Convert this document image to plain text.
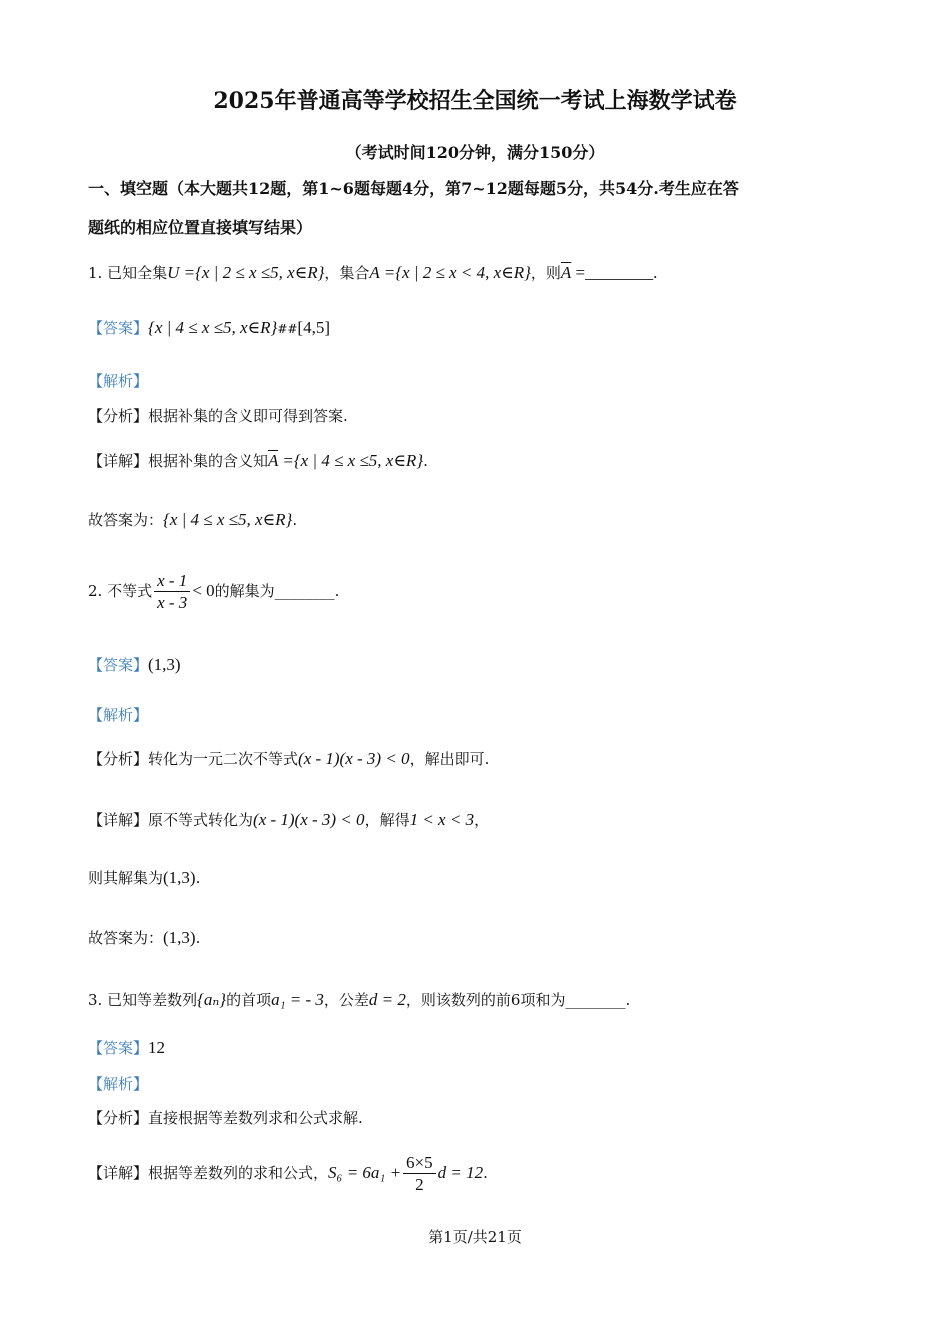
2025年普通高等学校招生全国统一考试上海数学试卷
（考试时间120分钟，满分150分）
一、填空题（本大题共12题，第1~6题每题4分，第7~12题每题5分，共54分.考生应在答
题纸的相应位置直接填写结果）
1. 已知全集U ={x | 2 ≤ x ≤5, x∈R}，集合A ={x | 2 ≤ x < 4, x∈R}，则$\overline{A}$ =________.
【答案】{x | 4 ≤ x ≤5, x∈R}##[4,5]
【解析】
【分析】根据补集的含义即可得到答案.
【详解】根据补集的含义知$\overline{A} =\{x$ | 4 ≤ x ≤5, x∈R}.
故答案为：{x | 4 ≤ x ≤5, x∈R}.
2. 不等式 $\frac{x - 1}{x - 3} < 0$的解集为________.
【答案】(1,3)
【解析】
【分析】转化为一元二次不等式(x - 1)(x - 3) < 0，解出即可.
【详解】原不等式转化为(x - 1)(x - 3) < 0，解得1 < x < 3，
则其解集为(1,3).
故答案为：(1,3).
3. 已知等差数列{aₙ}的首项a₁ = - 3，公差d = 2，则该数列的前6项和为________.
【答案】12
【解析】
【分析】直接根据等差数列求和公式求解.
【详解】根据等差数列的求和公式，$S_6 = 6a_1 + \frac{6\times 5}{2}$ d = 12.
第1页/共21页
